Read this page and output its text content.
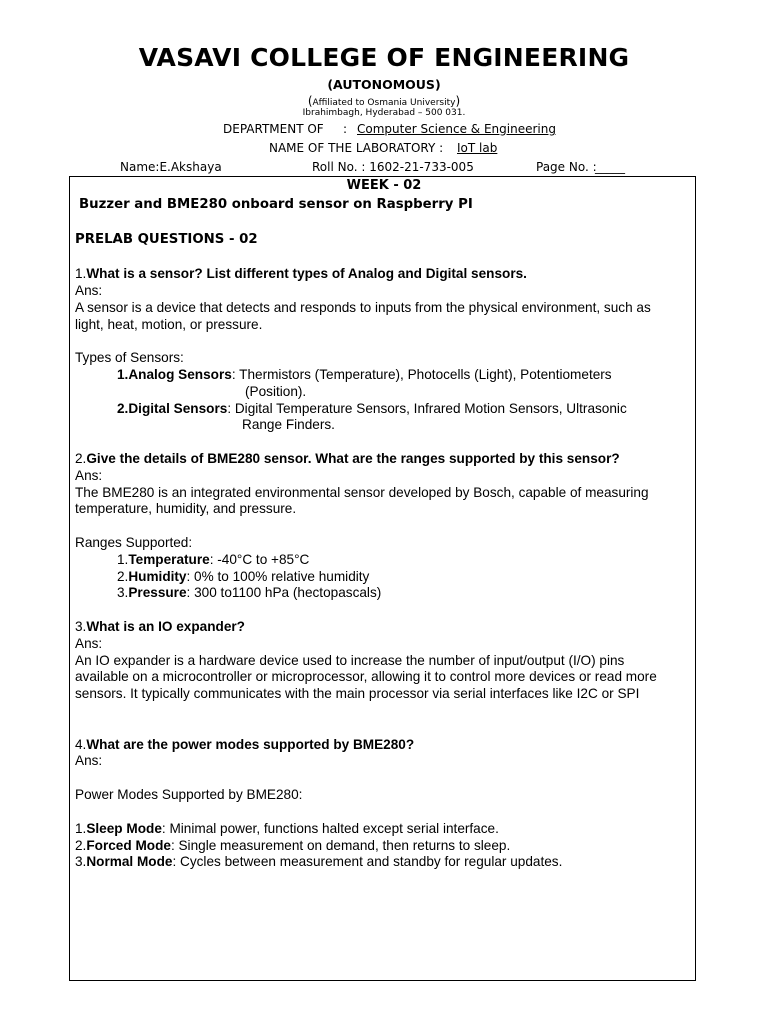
VASAVI COLLEGE OF ENGINEERING
(AUTONOMOUS)
(Affiliated to Osmania University)
Ibrahimbagh, Hyderabad – 500 031.
DEPARTMENT OF : Computer Science & Engineering
NAME OF THE LABORATORY : IoT lab
Name:E.Akshaya	Roll No. : 1602-21-733-005	Page No. :
_____
WEEK - 02
Buzzer and BME280 onboard sensor on Raspberry PI
PRELAB QUESTIONS - 02
1.What is a sensor? List different types of Analog and Digital sensors.
Ans:
A sensor is a device that detects and responds to inputs from the physical environment, such as
light, heat, motion, or pressure.
Types of Sensors:
1.Analog Sensors: Thermistors (Temperature), Photocells (Light), Potentiometers
(Position).
2.Digital Sensors: Digital Temperature Sensors, Infrared Motion Sensors, Ultrasonic
Range Finders.
2.Give the details of BME280 sensor. What are the ranges supported by this sensor?
Ans:
The BME280 is an integrated environmental sensor developed by Bosch, capable of measuring
temperature, humidity, and pressure.
Ranges Supported:
1.Temperature: -40°C to +85°C
2.Humidity: 0% to 100% relative humidity
3.Pressure: 300 to1100 hPa (hectopascals)
3.What is an IO expander?
Ans:
An IO expander is a hardware device used to increase the number of input/output (I/O) pins
available on a microcontroller or microprocessor, allowing it to control more devices or read more
sensors. It typically communicates with the main processor via serial interfaces like I2C or SPI
4.What are the power modes supported by BME280?
Ans:
Power Modes Supported by BME280:
1.Sleep Mode: Minimal power, functions halted except serial interface.
2.Forced Mode: Single measurement on demand, then returns to sleep.
3.Normal Mode: Cycles between measurement and standby for regular updates.
